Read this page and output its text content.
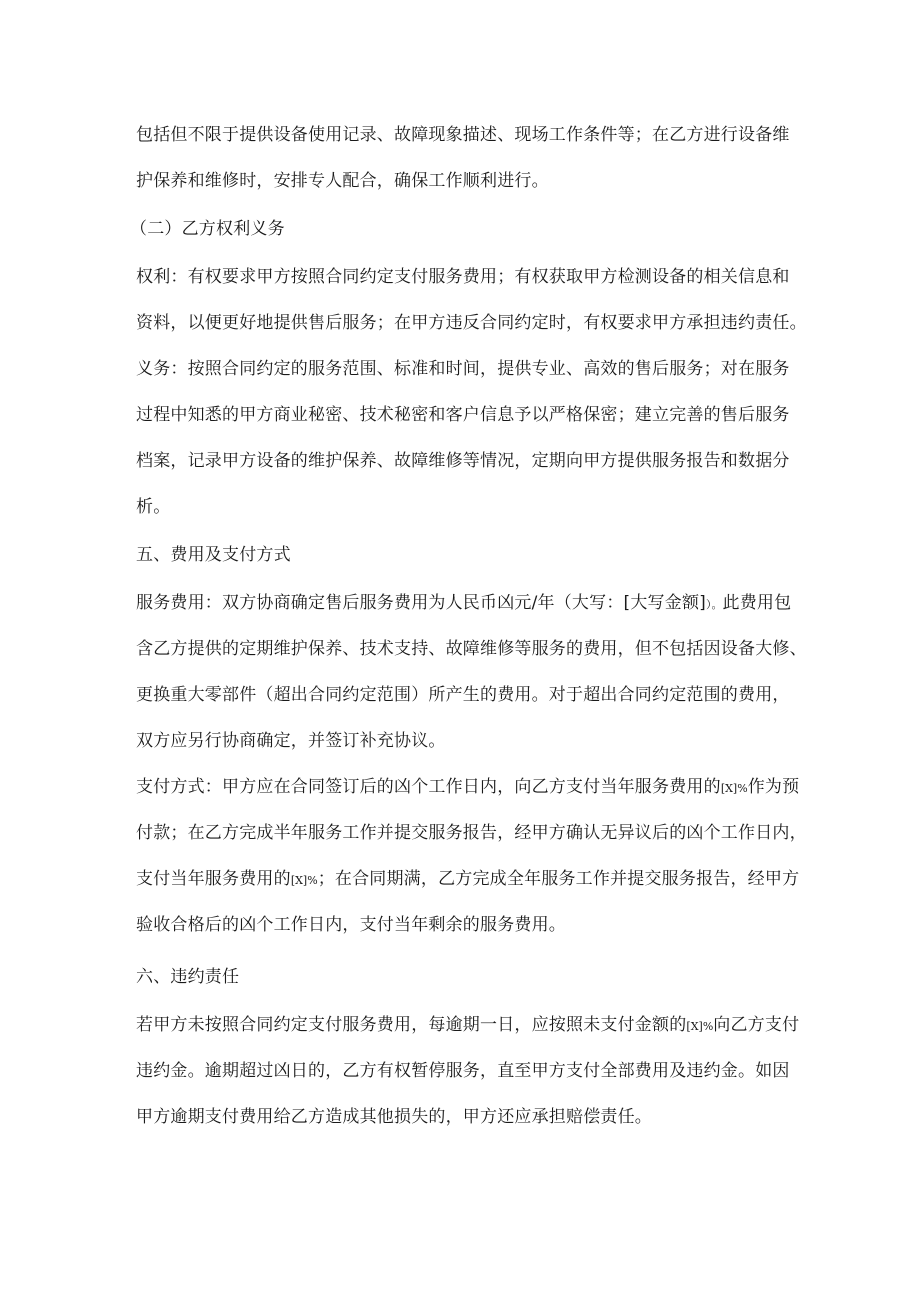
包括但不限于提供设备使用记录、故障现象描述、现场工作条件等；在乙方进行设备维
护保养和维修时，安排专人配合，确保工作顺利进行。
（二）乙方权利义务
权利：有权要求甲方按照合同约定支付服务费用；有权获取甲方检测设备的相关信息和
资料，以便更好地提供售后服务；在甲方违反合同约定时，有权要求甲方承担违约责任。
义务：按照合同约定的服务范围、标准和时间，提供专业、高效的售后服务；对在服务
过程中知悉的甲方商业秘密、技术秘密和客户信息予以严格保密；建立完善的售后服务
档案，记录甲方设备的维护保养、故障维修等情况，定期向甲方提供服务报告和数据分
析。
五、费用及支付方式
服务费用：双方协商确定售后服务费用为人民币凶元/年（大写：[大写金额]）。此费用包
含乙方提供的定期维护保养、技术支持、故障维修等服务的费用，但不包括因设备大修、
更换重大零部件（超出合同约定范围）所产生的费用。对于超出合同约定范围的费用，
双方应另行协商确定，并签订补充协议。
支付方式：甲方应在合同签订后的凶个工作日内，向乙方支付当年服务费用的[X]%作为预
付款；在乙方完成半年服务工作并提交服务报告，经甲方确认无异议后的凶个工作日内，
支付当年服务费用的[X]%；在合同期满，乙方完成全年服务工作并提交服务报告，经甲方
验收合格后的凶个工作日内，支付当年剩余的服务费用。
六、违约责任
若甲方未按照合同约定支付服务费用，每逾期一日，应按照未支付金额的[X]%向乙方支付
违约金。逾期超过凶日的，乙方有权暂停服务，直至甲方支付全部费用及违约金。如因
甲方逾期支付费用给乙方造成其他损失的，甲方还应承担赔偿责任。
